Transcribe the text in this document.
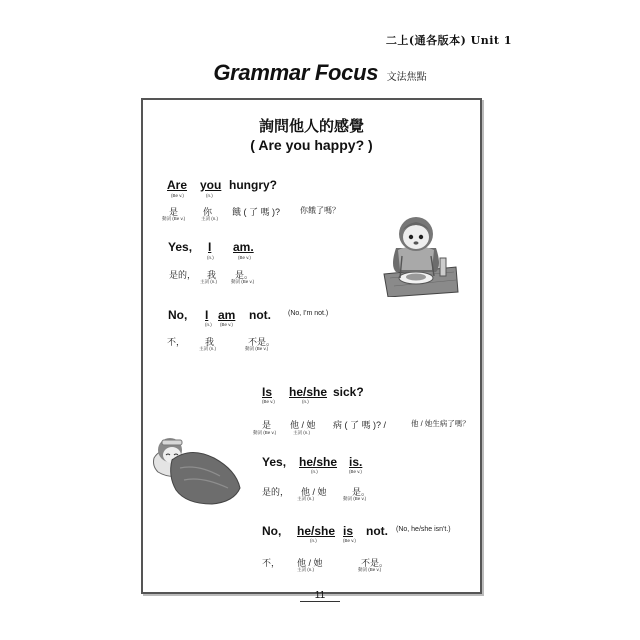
二上(通各版本) Unit 1
Grammar Focus 文法焦點
詢問他人的感覺
( Are you happy? )
Are you hungry?
(Be v.)	(n.)
是	你 餓 ( 了 嗎 )? 你餓了嗎？
動詞 (Be v.)	主詞 (n.)
Yes, I am.
(n.)	(Be v.)
是的， 我 是。
主詞 (n.)	動詞 (Be v.)
No, I am not. (No, I'm not.)
(n.) (Be v.)
不， 我	不是。
主詞 (n.)	動詞 (Be v.)
Is he/she sick?
(Be v.)	(n.)
是 他 / 她 病 ( 了 嗎 )? /	他 / 她生病了嗎？
動詞 (Be v.)	主詞 (n.)
Yes, he/she is.
(n.)	(Be v.)
是的， 他 / 她	是。
主詞 (n.)	動詞 (Be v.)
No, he/she is not. (No, he/she isn't.)
(n.)	(Be v.)
不， 他 / 她	不是。
主詞 (n.)	動詞 (Be v.)
11
